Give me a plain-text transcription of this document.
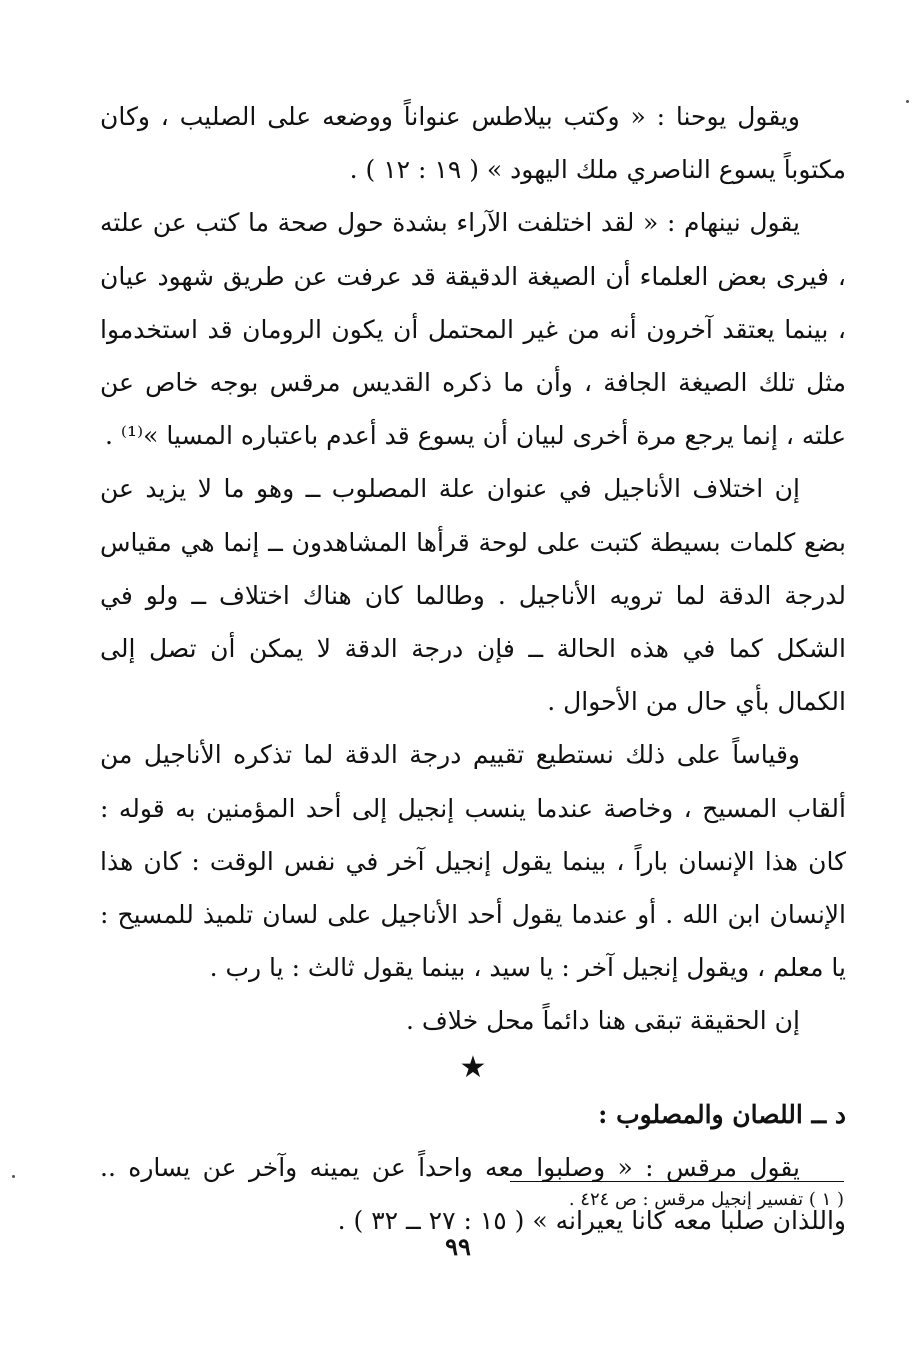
ويقول يوحنا : « وكتب بيلاطس عنواناً ووضعه على الصليب ، وكان مكتوباً يسوع الناصري ملك اليهود » ( ١٩ : ١٢ ) .

يقول نينهام : « لقد اختلفت الآراء بشدة حول صحة ما كتب عن علته ، فيرى بعض العلماء أن الصيغة الدقيقة قد عرفت عن طريق شهود عيان ، بينما يعتقد آخرون أنه من غير المحتمل أن يكون الرومان قد استخدموا مثل تلك الصيغة الجافة ، وأن ما ذكره القديس مرقس بوجه خاص عن علته ، إنما يرجع مرة أخرى لبيان أن يسوع قد أعدم باعتباره المسيا »⁽¹⁾ .

إن اختلاف الأناجيل في عنوان علة المصلوب ــ وهو ما لا يزيد عن بضع كلمات بسيطة كتبت على لوحة قرأها المشاهدون ــ إنما هي مقياس لدرجة الدقة لما ترويه الأناجيل . وطالما كان هناك اختلاف ــ ولو في الشكل كما في هذه الحالة ــ فإن درجة الدقة لا يمكن أن تصل إلى الكمال بأي حال من الأحوال .

وقياساً على ذلك نستطيع تقييم درجة الدقة لما تذكره الأناجيل من ألقاب المسيح ، وخاصة عندما ينسب إنجيل إلى أحد المؤمنين به قوله : كان هذا الإنسان باراً ، بينما يقول إنجيل آخر في نفس الوقت : كان هذا الإنسان ابن الله . أو عندما يقول أحد الأناجيل على لسان تلميذ للمسيح : يا معلم ، ويقول إنجيل آخر : يا سيد ، بينما يقول ثالث : يا رب .

إن الحقيقة تبقى هنا دائماً محل خلاف .

★

د ــ اللصان والمصلوب :

يقول مرقس : « وصلبوا معه واحداً عن يمينه وآخر عن يساره .. واللذان صلبا معه كانا يعيرانه » ( ١٥ : ٢٧ ــ ٣٢ ) .

( ١ ) تفسير إنجيل مرقس : ص ٤٢٤ .
٩٩
